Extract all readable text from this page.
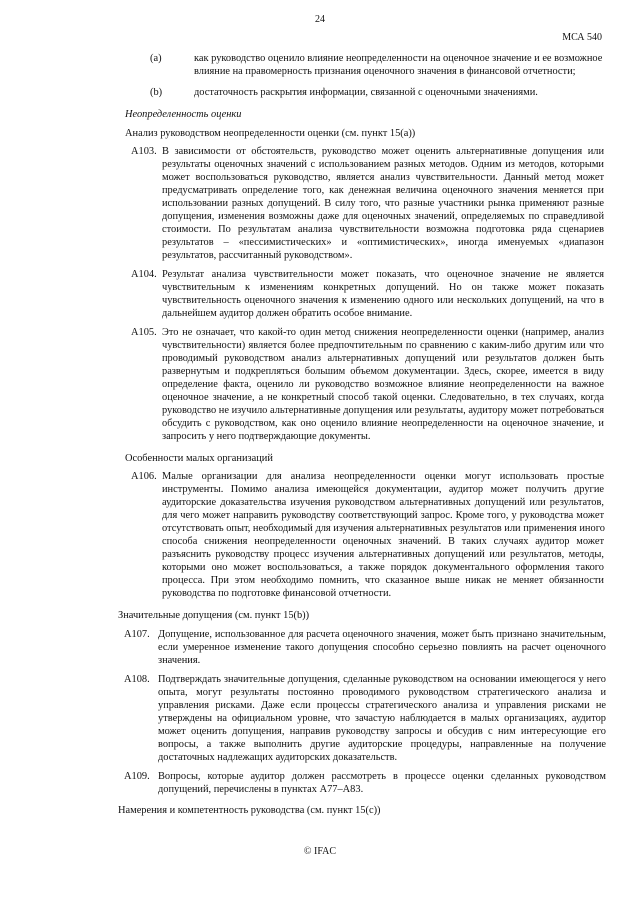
24
МСА 540
(a)	как руководство оценило влияние неопределенности на оценочное значение и ее возможное
влияние на правомерность признания оценочного значения в финансовой отчетности;
(b)	достаточность раскрытия информации, связанной с оценочными значениями.
Неопределенность оценки
Анализ руководством неопределенности оценки (см. пункт 15(а))
A103. В зависимости от обстоятельств, руководство может оценить альтернативные допущения или
результаты оценочных значений с использованием разных методов. Одним из методов, которыми
может воспользоваться руководство, является анализ чувствительности. Данный метод может
предусматривать определение того, как денежная величина оценочного значения меняется при
использовании разных допущений. В силу того, что разные участники рынка применяют разные
допущения, изменения возможны даже для оценочных значений, определяемых по справедливой
стоимости. По результатам анализа чувствительности возможна подготовка ряда сценариев
результатов – «пессимистических» и «оптимистических», иногда именуемых «диапазон
результатов, рассчитанный руководством».
A104. Результат анализа чувствительности может показать, что оценочное значение не является
чувствительным к изменениям конкретных допущений. Но он также может показать
чувствительность оценочного значения к изменению одного или нескольких допущений, на что в
дальнейшем аудитор должен обратить особое внимание.
A105. Это не означает, что какой-то один метод снижения неопределенности оценки (например, анализ
чувствительности) является более предпочтительным по сравнению с каким-либо другим или что
проводимый руководством анализ альтернативных допущений или результатов должен быть
развернутым и подкрепляться большим объемом документации. Здесь, скорее, имеется в виду
определение факта, оценило ли руководство возможное влияние неопределенности на важное
оценочное значение, а не конкретный способ такой оценки. Следовательно, в тех случаях, когда
руководство не изучило альтернативные допущения или результаты, аудитору может потребоваться
обсудить с руководством, как оно оценило влияние неопределенности на оценочное значение, и
запросить у него подтверждающие документы.
Особенности малых организаций
A106. Малые организации для анализа неопределенности оценки могут использовать простые
инструменты. Помимо анализа имеющейся документации, аудитор может получить другие
аудиторские доказательства изучения руководством альтернативных допущений или результатов,
для чего может направить руководству соответствующий запрос. Кроме того, у руководства может
отсутствовать опыт, необходимый для изучения альтернативных результатов или применения иного
способа снижения неопределенности оценочных значений. В таких случаях аудитор может
разъяснить руководству процесс изучения альтернативных допущений или результатов, методы,
которыми оно может воспользоваться, а также порядок документального оформления такого
процесса. При этом необходимо помнить, что сказанное выше никак не меняет обязанности
руководства по подготовке финансовой отчетности.
Значительные допущения (см. пункт 15(b))
A107. Допущение, использованное для расчета оценочного значения, может быть признано значительным,
если умеренное изменение такого допущения способно серьезно повлиять на расчет оценочного
значения.
A108. Подтверждать значительные допущения, сделанные руководством на основании имеющегося у него
опыта, могут результаты постоянно проводимого руководством стратегического анализа и
управления рисками. Даже если процессы стратегического анализа и управления рисками не
утверждены на официальном уровне, что зачастую наблюдается в малых организациях, аудитор
может оценить допущения, направив руководству запросы и обсудив с ним интересующие его
вопросы, а также выполнить другие аудиторские процедуры, направленные на получение
достаточных надлежащих аудиторских доказательств.
A109. Вопросы, которые аудитор должен рассмотреть в процессе оценки сделанных руководством
допущений, перечислены в пунктах A77–A83.
Намерения и компетентность руководства (см. пункт 15(с))
© IFAC
